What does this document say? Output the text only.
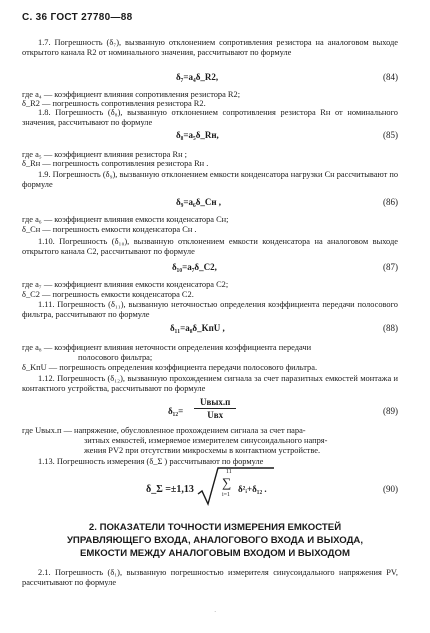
С. 36 ГОСТ 27780—88
1.7. Погрешность (δ₇), вызванную отклонением сопротивления резистора на аналоговом выходе открытого канала R2 от номинального значения, рассчитывают по формуле
δ₇=a₄δ_R2,	(84)
где a₄ — коэффициент влияния сопротивления резистора R2;
δ_R2 — погрешность сопротивления резистора R2.
1.8. Погрешность (δ₈), вызванную отклонением сопротивления резистора Rн от номинального значения, рассчитывают по формуле
δ₈=a₅δ_Rн,	(85)
где a₅ — коэффициент влияния резистора Rн ;
δ_Rн — погрешность сопротивления резистора Rн .
1.9. Погрешность (δ₉), вызванную отклонением емкости конденсатора нагрузки Cн рассчитывают по формуле
δ₉=a₆δ_Cн ,	(86)
где a₆ — коэффициент влияния емкости конденсатора Cн;
δ_Cн — погрешность емкости конденсатора Cн .
1.10. Погрешность (δ₁₀), вызванную отклонением емкости конденсатора на аналоговом выходе открытого канала C2, рассчитывают по формуле
δ₁₀=a₇δ_C2,	(87)
где a₇ — коэффициент влияния емкости конденсатора C2;
δ_C2 — погрешность емкости конденсатора C2.
1.11. Погрешность (δ₁₁), вызванную неточностью определения коэффициента передачи полосового фильтра, рассчитывают по формуле
δ₁₁=a₈δ_KпU ,	(88)
где a₈ — коэффициент влияния неточности определения коэффициента передачи
полосового фильтра;
δ_KпU — погрешность определения коэффициента передачи полосового фильтра.
1.12. Погрешность (δ₁₂), вызванную прохождением сигнала за счет паразитных емкостей монтажа и контактного устройства, рассчитывают по формуле
δ₁₂=
Uвых.п
Uвх	(89)
где Uвых.п — напряжение, обусловленное прохождением сигнала за счет пара-
зитных емкостей, измеряемое измерителем синусоидального напря-
жения PV2 при отсутствии микросхемы в контактном устройстве.
1.13. Погрешность измерения (δ_Σ ) рассчитывают по формуле
δ_Σ =±1,13
11
∑
i=1
δ²ᵢ+δ₁₂ .	(90)
2. ПОКАЗАТЕЛИ ТОЧНОСТИ ИЗМЕРЕНИЯ ЕМКОСТЕЙ УПРАВЛЯЮЩЕГО ВХОДА, АНАЛОГОВОГО ВХОДА И ВЫХОДА, ЕМКОСТИ МЕЖДУ АНАЛОГОВЫМ ВХОДОМ И ВЫХОДОМ
2.1. Погрешность (δ₁), вызванную погрешностью измерителя синусоидального напряжения PV, рассчитывают по формуле
·
